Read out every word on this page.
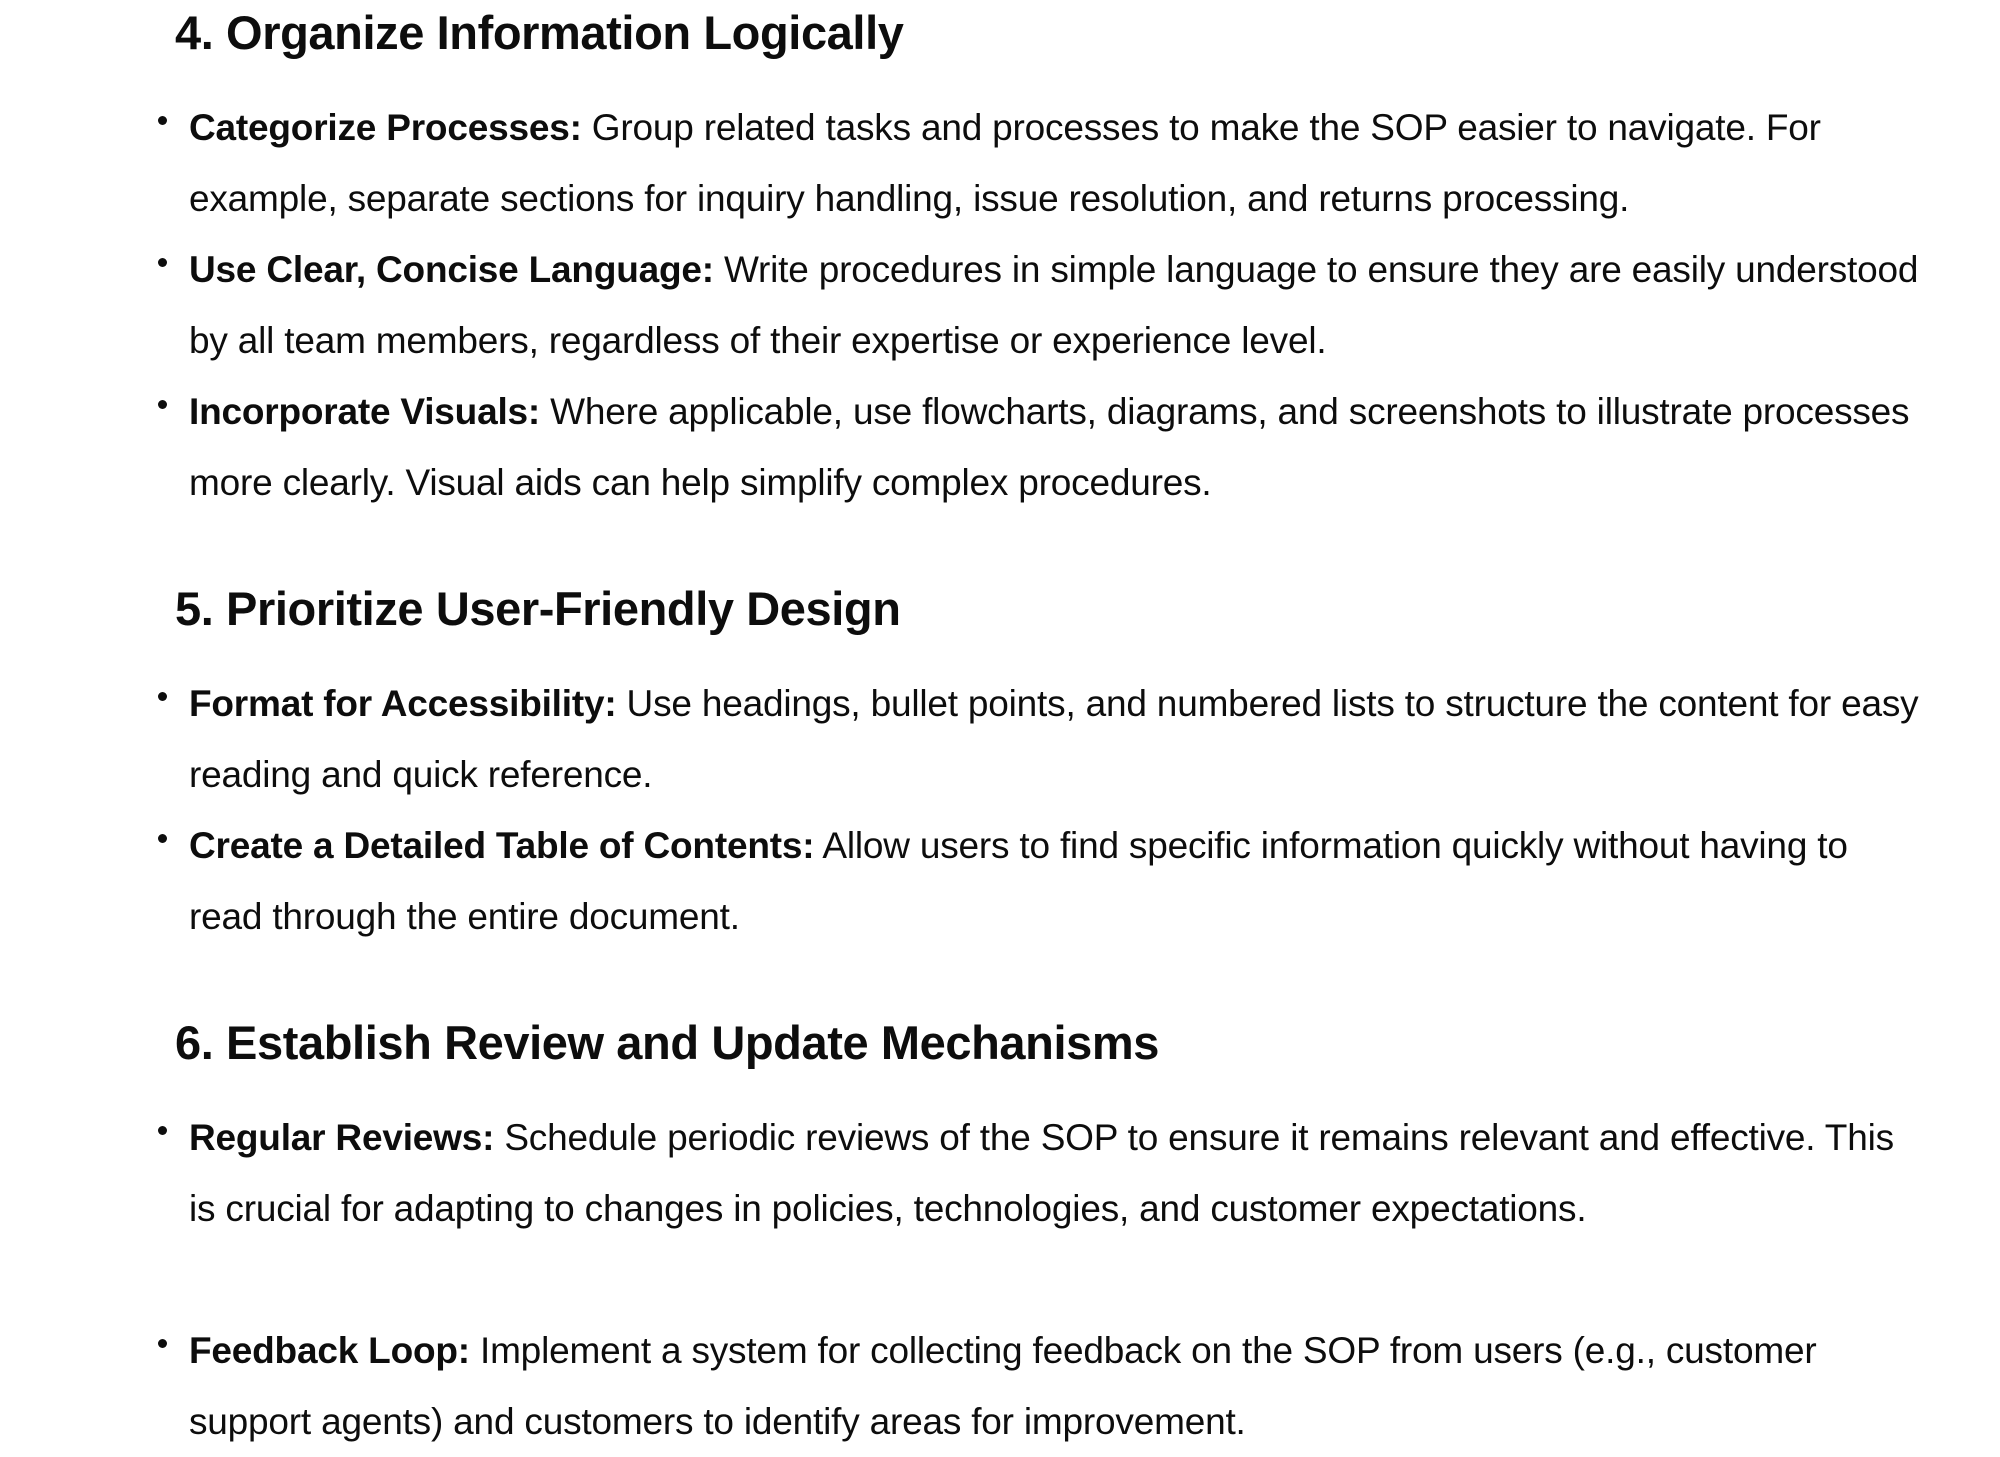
4. Organize Information Logically
Categorize Processes: Group related tasks and processes to make the SOP easier to navigate. For example, separate sections for inquiry handling, issue resolution, and returns processing.
Use Clear, Concise Language: Write procedures in simple language to ensure they are easily understood by all team members, regardless of their expertise or experience level.
Incorporate Visuals: Where applicable, use flowcharts, diagrams, and screenshots to illustrate processes more clearly. Visual aids can help simplify complex procedures.
5. Prioritize User-Friendly Design
Format for Accessibility: Use headings, bullet points, and numbered lists to structure the content for easy reading and quick reference.
Create a Detailed Table of Contents: Allow users to find specific information quickly without having to read through the entire document.
6. Establish Review and Update Mechanisms
Regular Reviews: Schedule periodic reviews of the SOP to ensure it remains relevant and effective. This is crucial for adapting to changes in policies, technologies, and customer expectations.
Feedback Loop: Implement a system for collecting feedback on the SOP from users (e.g., customer support agents) and customers to identify areas for improvement.
